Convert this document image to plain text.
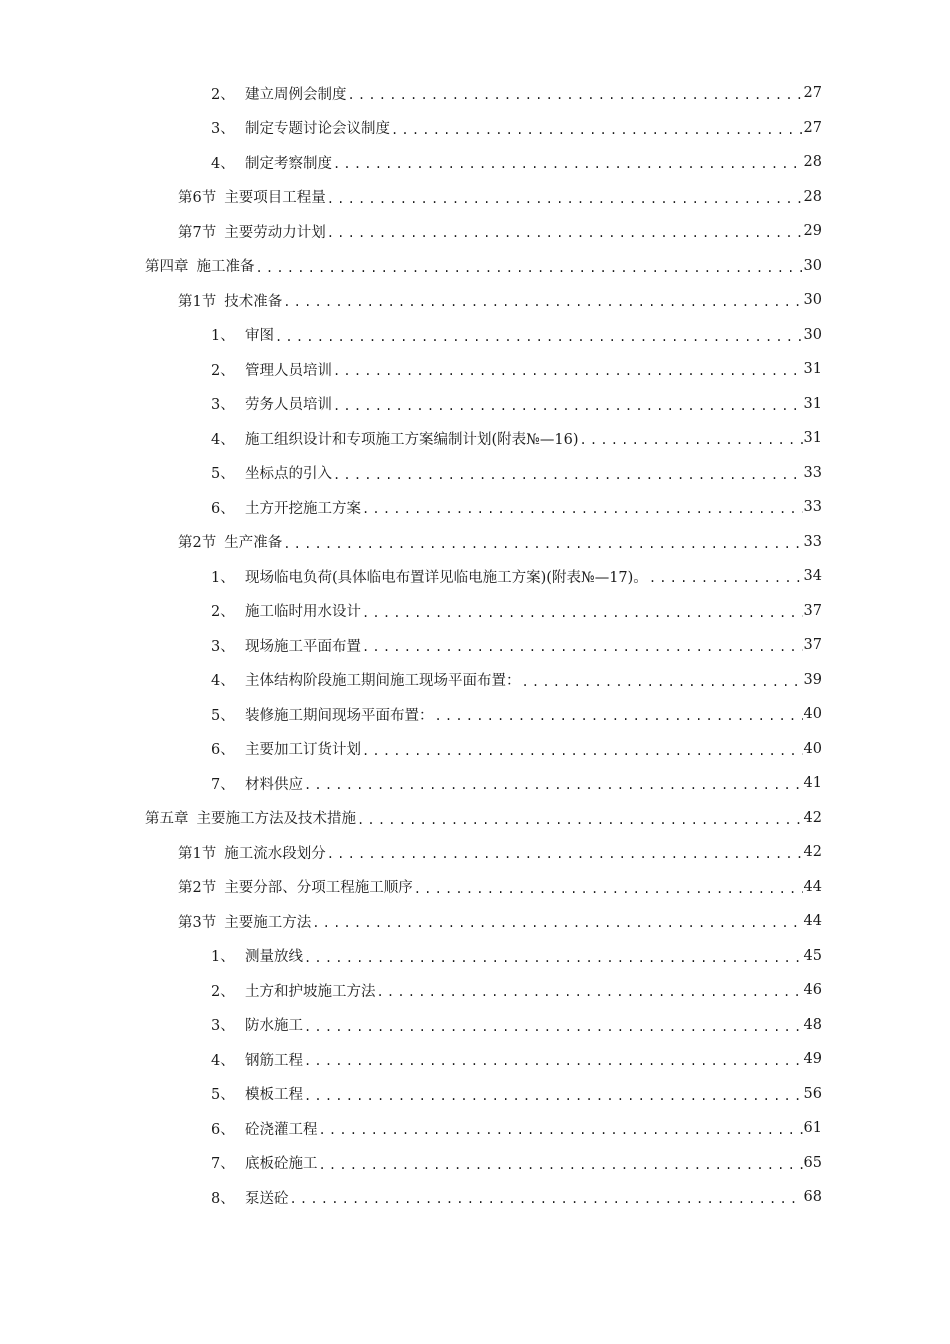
2、 建立周例会制度 .....	27
3、 制定专题讨论会议制度 .....	27
4、 制定考察制度 .....	28
第6节 主要项目工程量 .....	28
第7节 主要劳动力计划 .....	29
第四章 施工准备 .....	30
第1节 技术准备 .....	30
1、 审图 .....	30
2、 管理人员培训 .....	31
3、 劳务人员培训 .....	31
4、 施工组织设计和专项施工方案编制计划(附表№—16) .....	31
5、 坐标点的引入 .....	33
6、 土方开挖施工方案 .....	33
第2节 生产准备 .....	33
1、 现场临电负荷(具体临电布置详见临电施工方案)(附表№—17)。 .....	34
2、 施工临时用水设计 .....	37
3、 现场施工平面布置 .....	37
4、 主体结构阶段施工期间施工现场平面布置： .....	39
5、 装修施工期间现场平面布置： .....	40
6、 主要加工订货计划 .....	40
7、 材料供应 .....	41
第五章 主要施工方法及技术措施 .....	42
第1节 施工流水段划分 .....	42
第2节 主要分部、分项工程施工顺序 .....	44
第3节 主要施工方法 .....	44
1、 测量放线 .....	45
2、 土方和护坡施工方法 .....	46
3、 防水施工 .....	48
4、 钢筋工程 .....	49
5、 模板工程 .....	56
6、 砼浇灌工程 .....	61
7、 底板砼施工 .....	65
8、 泵送砼 .....	68
